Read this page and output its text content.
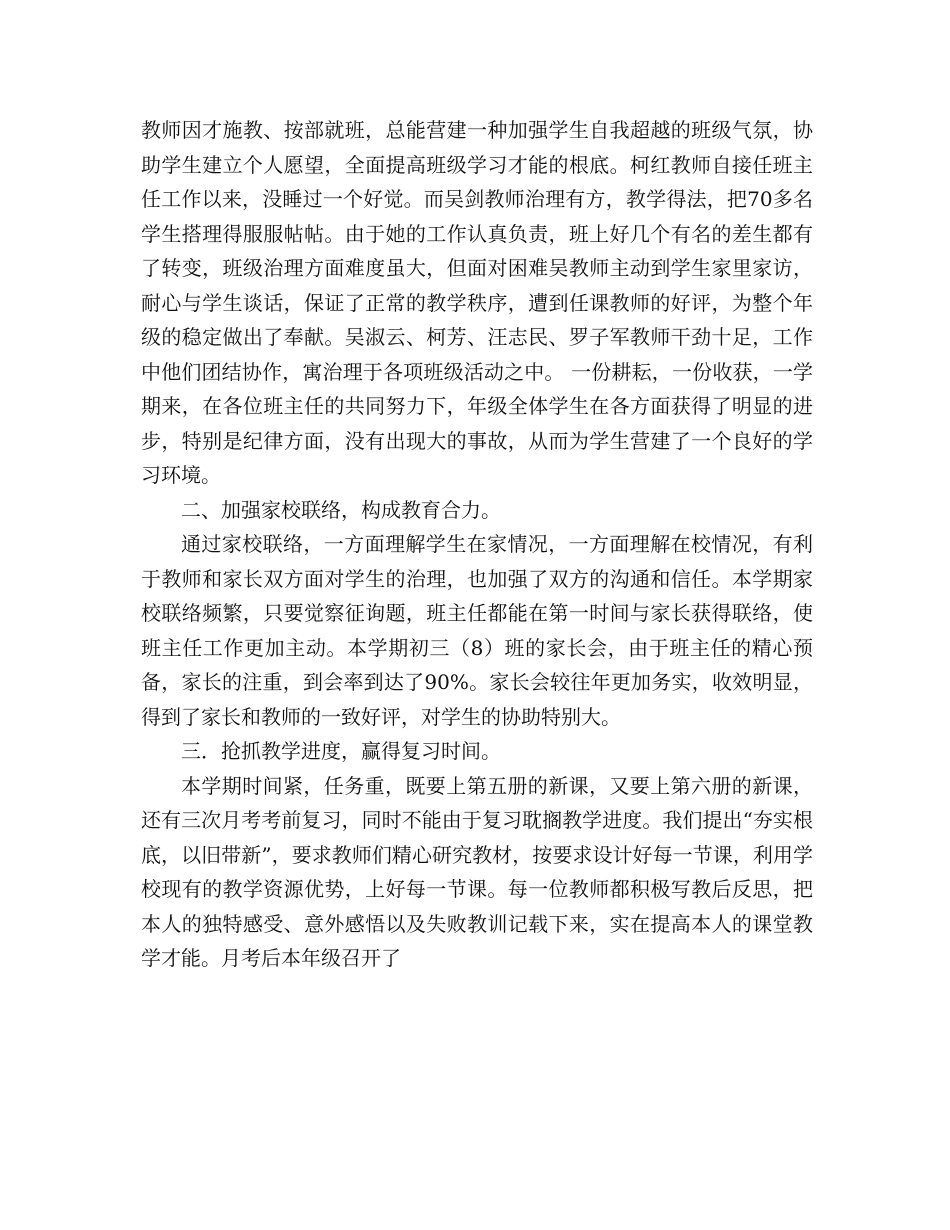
教师因才施教、按部就班，总能营建一种加强学生自我超越的班级气氛，协助学生建立个人愿望，全面提高班级学习才能的根底。柯红教师自接任班主任工作以来，没睡过一个好觉。而吴剑教师治理有方，教学得法，把70多名学生搭理得服服帖帖。由于她的工作认真负责，班上好几个有名的差生都有了转变，班级治理方面难度虽大，但面对困难吴教师主动到学生家里家访，耐心与学生谈话，保证了正常的教学秩序，遭到任课教师的好评，为整个年级的稳定做出了奉献。吴淑云、柯芳、汪志民、罗子军教师干劲十足，工作中他们团结协作，寓治理于各项班级活动之中。 一份耕耘，一份收获，一学期来，在各位班主任的共同努力下，年级全体学生在各方面获得了明显的进步，特别是纪律方面，没有出现大的事故，从而为学生营建了一个良好的学习环境。

二、加强家校联络，构成教育合力。

通过家校联络，一方面理解学生在家情况，一方面理解在校情况，有利于教师和家长双方面对学生的治理，也加强了双方的沟通和信任。本学期家校联络频繁，只要觉察征询题，班主任都能在第一时间与家长获得联络，使班主任工作更加主动。本学期初三（8）班的家长会，由于班主任的精心预备，家长的注重，到会率到达了90%。家长会较往年更加务实，收效明显，得到了家长和教师的一致好评，对学生的协助特别大。

三．抢抓教学进度，赢得复习时间。

本学期时间紧，任务重，既要上第五册的新课，又要上第六册的新课，还有三次月考考前复习，同时不能由于复习耽搁教学进度。我们提出“夯实根底，以旧带新”，要求教师们精心研究教材，按要求设计好每一节课，利用学校现有的教学资源优势，上好每一节课。每一位教师都积极写教后反思，把本人的独特感受、意外感悟以及失败教训记载下来，实在提高本人的课堂教学才能。月考后本年级召开了
